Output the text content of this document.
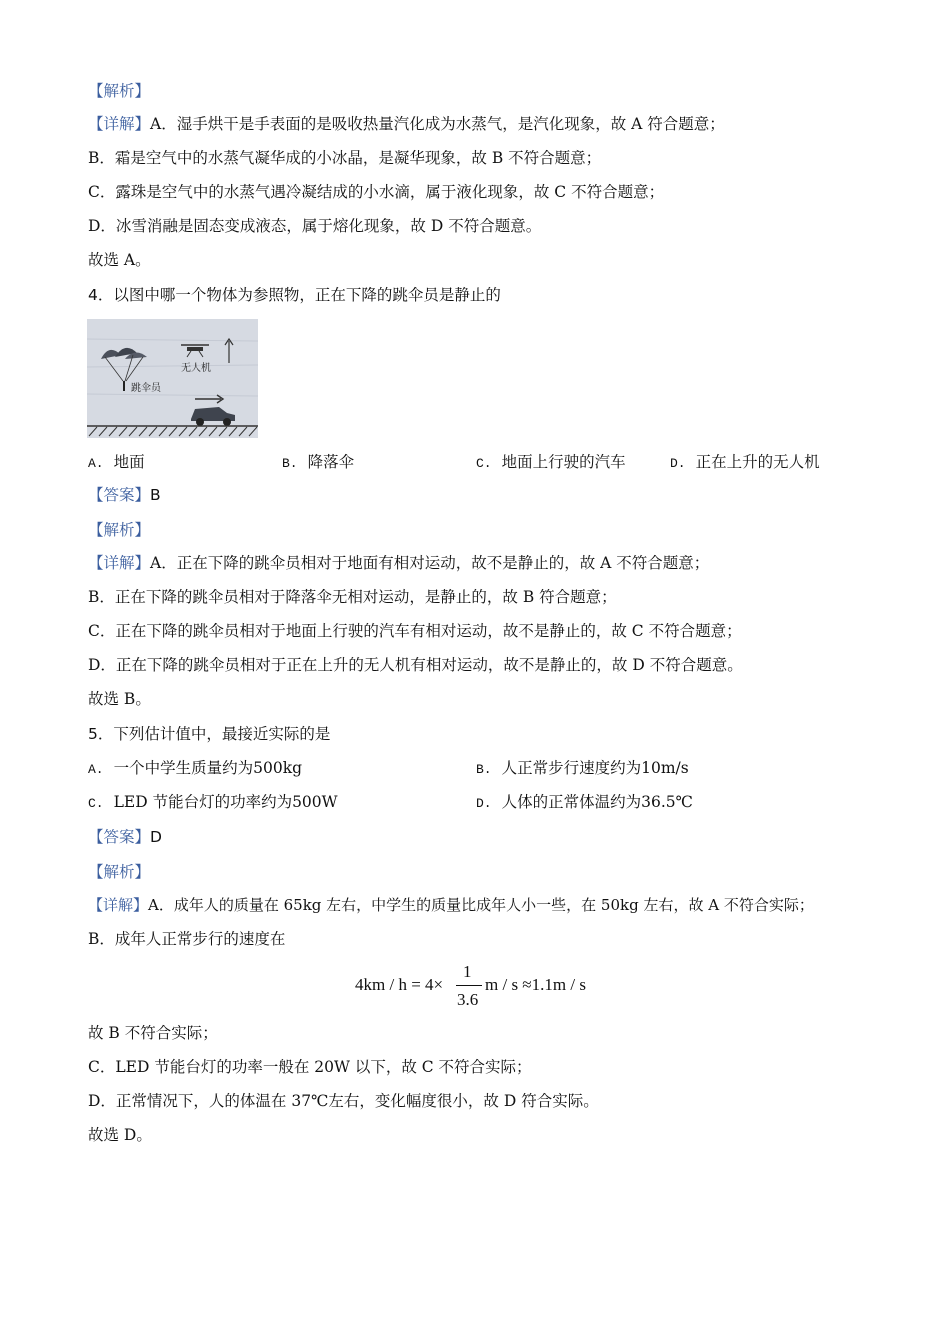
【解析】
【详解】A．湿手烘干是手表面的是吸收热量汽化成为水蒸气，是汽化现象，故 A 符合题意；
B．霜是空气中的水蒸气凝华成的小冰晶，是凝华现象，故 B 不符合题意；
C．露珠是空气中的水蒸气遇冷凝结成的小水滴，属于液化现象，故 C 不符合题意；
D．冰雪消融是固态变成液态，属于熔化现象，故 D 不符合题意。
故选 A。
4．以图中哪一个物体为参照物，正在下降的跳伞员是静止的
无人机
跳伞员
A. 地面	B. 降落伞	C. 地面上行驶的汽车	D. 正在上升的无人机
【答案】B
【解析】
【详解】A．正在下降的跳伞员相对于地面有相对运动，故不是静止的，故 A 不符合题意；
B．正在下降的跳伞员相对于降落伞无相对运动，是静止的，故 B 符合题意；
C．正在下降的跳伞员相对于地面上行驶的汽车有相对运动，故不是静止的，故 C 不符合题意；
D．正在下降的跳伞员相对于正在上升的无人机有相对运动，故不是静止的，故 D 不符合题意。
故选 B。
5．下列估计值中，最接近实际的是
A. 一个中学生质量约为500kg	B. 人正常步行速度约为10m/s
C. LED 节能台灯的功率约为500W	D. 人体的正常体温约为36.5℃
【答案】D
【解析】
【详解】A．成年人的质量在 65kg 左右，中学生的质量比成年人小一些，在 50kg 左右，故 A 不符合实际；
B．成年人正常步行的速度在
4km / h = 4×
1
3.6
m / s ≈1.1m / s
故 B 不符合实际；
C．LED 节能台灯的功率一般在 20W 以下，故 C 不符合实际；
D．正常情况下，人的体温在 37℃左右，变化幅度很小，故 D 符合实际。
故选 D。
